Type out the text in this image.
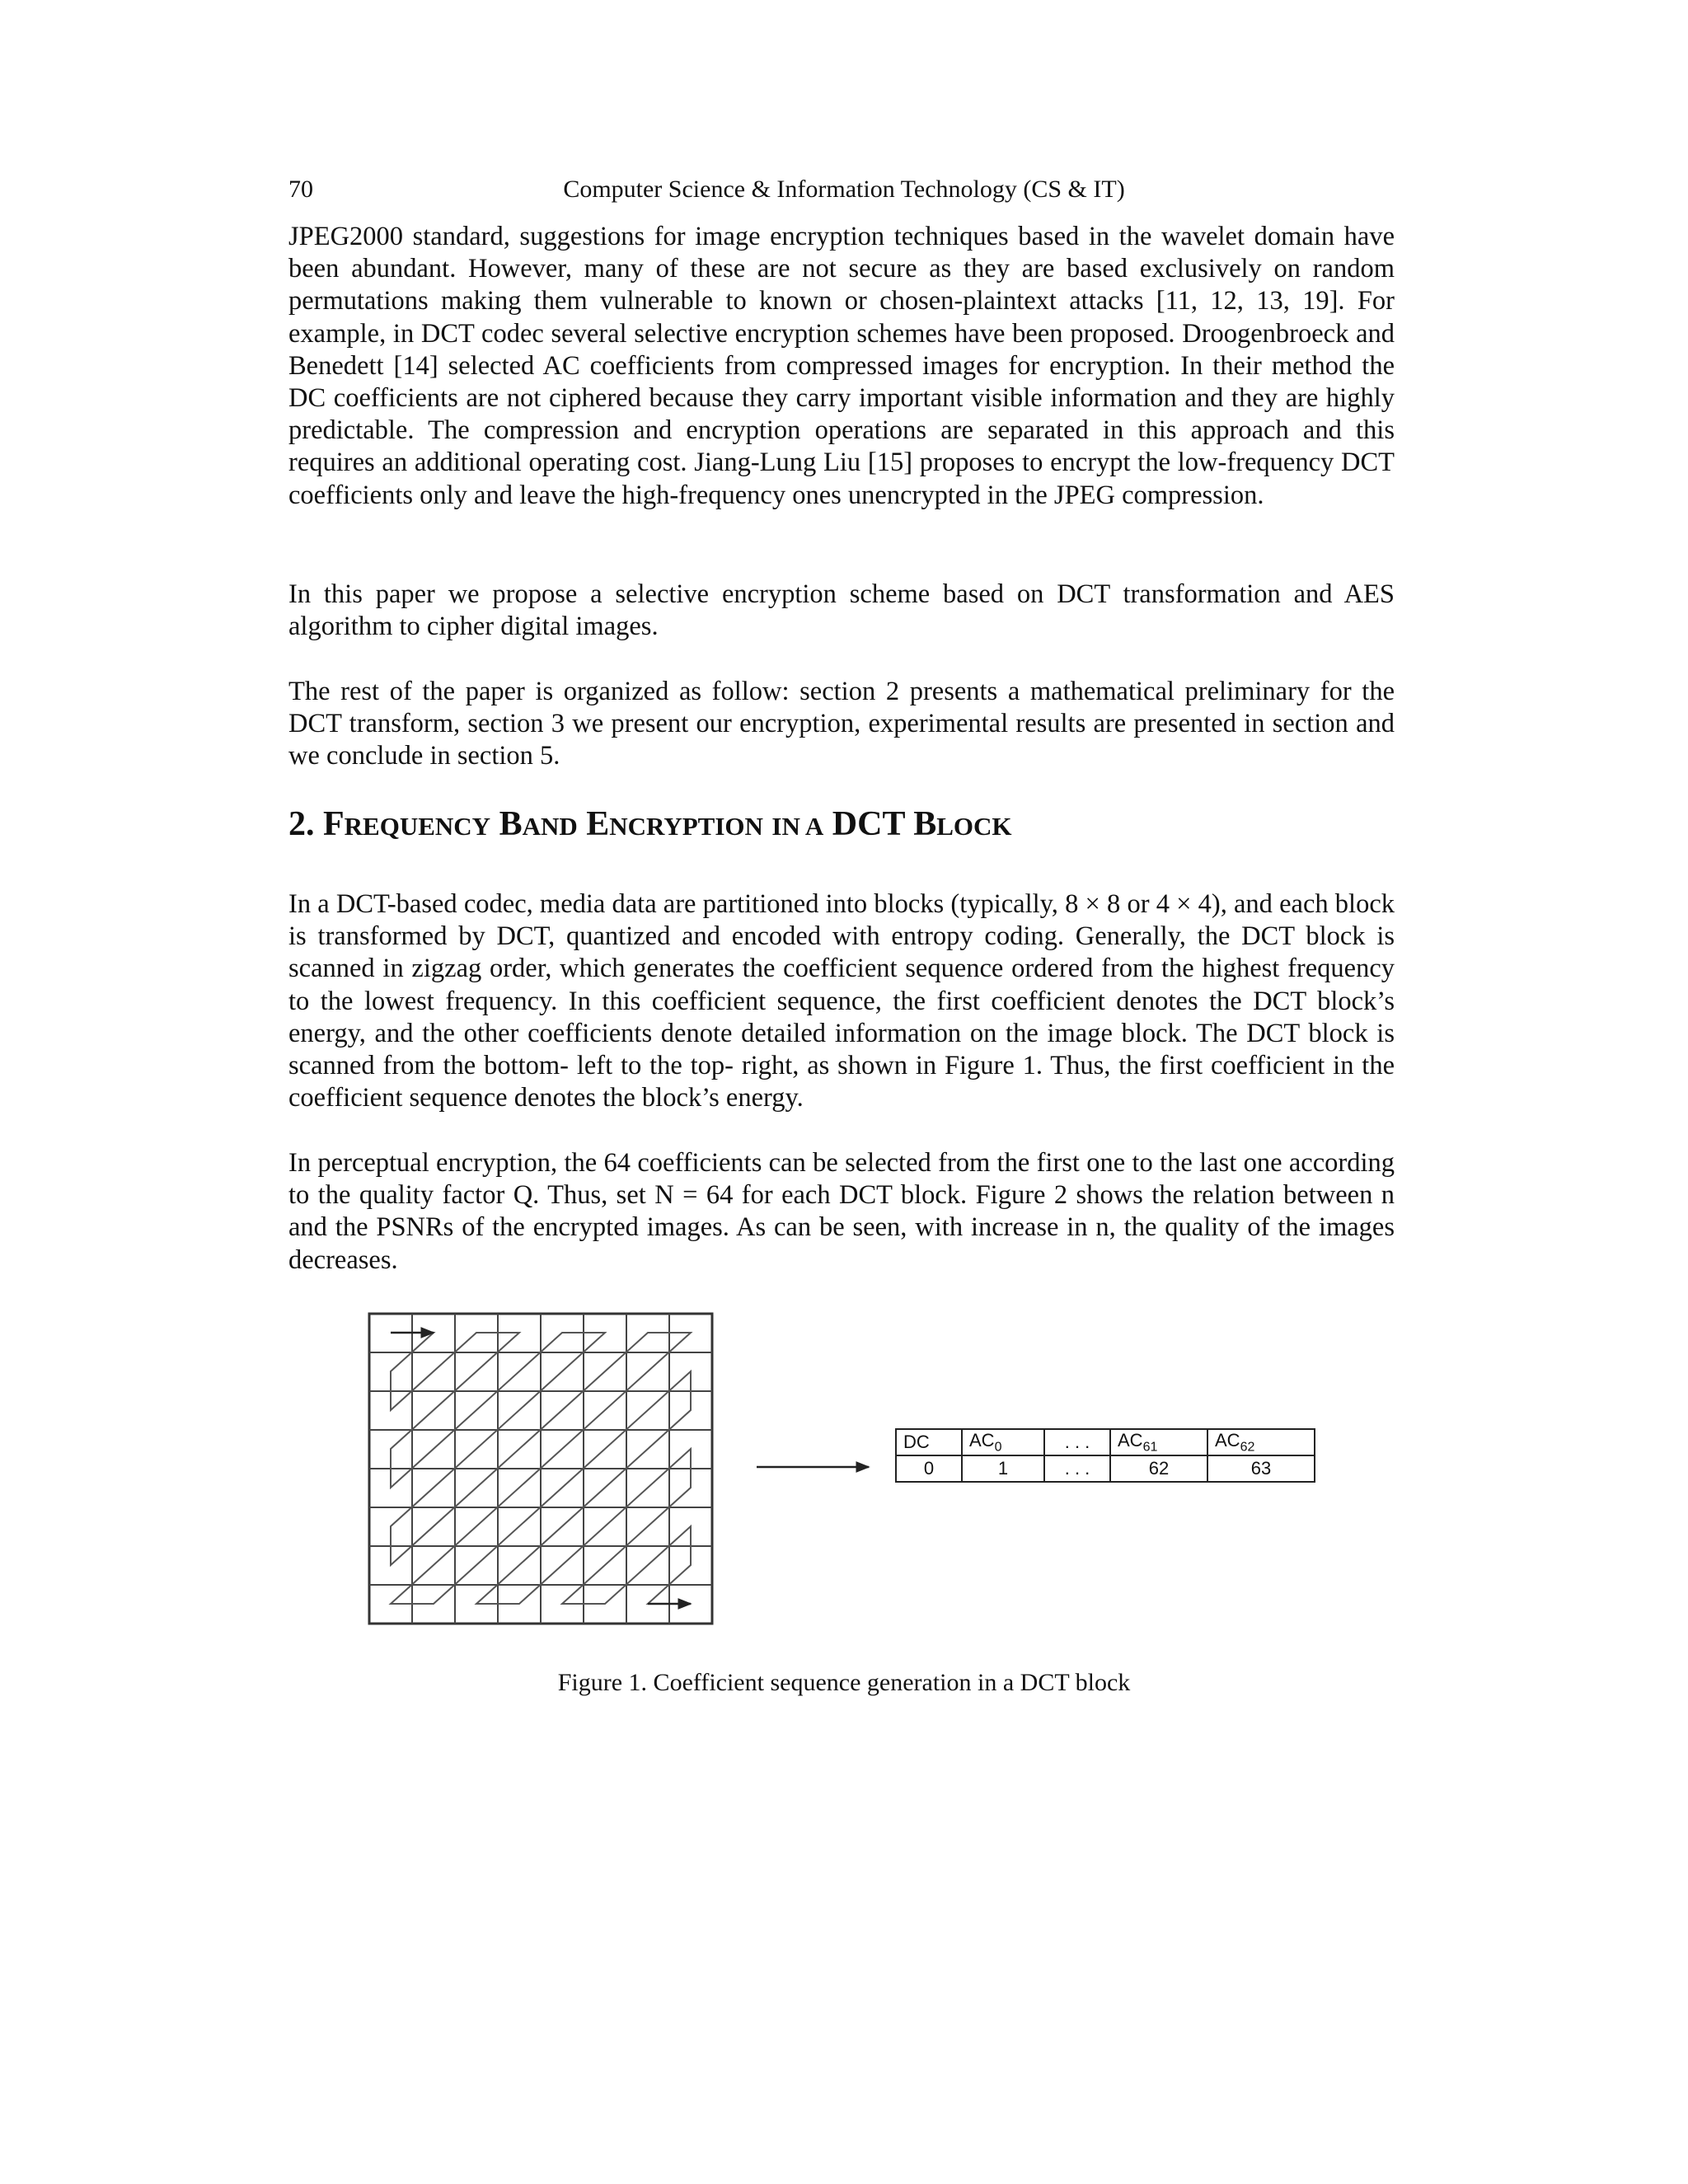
70	Computer Science & Information Technology (CS & IT)

JPEG2000 standard, suggestions for image encryption techniques based in the wavelet domain have been abundant. However, many of these are not secure as they are based exclusively on random permutations making them vulnerable to known or chosen-plaintext attacks [11, 12, 13, 19]. For example, in DCT codec several selective encryption schemes have been proposed. Droogenbroeck and Benedett [14] selected AC coefficients from compressed images for encryption. In their method the DC coefficients are not ciphered because they carry important visible information and they are highly predictable. The compression and encryption operations are separated in this approach and this requires an additional operating cost. Jiang-Lung Liu [15] proposes to encrypt the low-frequency DCT coefficients only and leave the high-frequency ones unencrypted in the JPEG compression.

In this paper we propose a selective encryption scheme based on DCT transformation and AES algorithm to cipher digital images.

The rest of the paper is organized as follow: section 2 presents a mathematical preliminary for the DCT transform, section 3 we present our encryption, experimental results are presented in section and we conclude in section 5.

2. FREQUENCY BAND ENCRYPTION IN A DCT BLOCK

In a DCT-based codec, media data are partitioned into blocks (typically, 8 × 8 or 4 × 4), and each block is transformed by DCT, quantized and encoded with entropy coding. Generally, the DCT block is scanned in zigzag order, which generates the coefficient sequence ordered from the highest frequency to the lowest frequency. In this coefficient sequence, the first coefficient denotes the DCT block’s energy, and the other coefficients denote detailed information on the image block. The DCT block is scanned from the bottom- left to the top- right, as shown in Figure 1. Thus, the first coefficient in the coefficient sequence denotes the block’s energy.

In perceptual encryption, the 64 coefficients can be selected from the first one to the last one according to the quality factor Q. Thus, set N = 64 for each DCT block. Figure 2 shows the relation between n and the PSNRs of the encrypted images. As can be seen, with increase in n, the quality of the images decreases.

DC	$AC_0$	. . .	$AC_{61}$	$AC_{62}$
0	1	. . .	62	63
Figure 1. Coefficient sequence generation in a DCT block
